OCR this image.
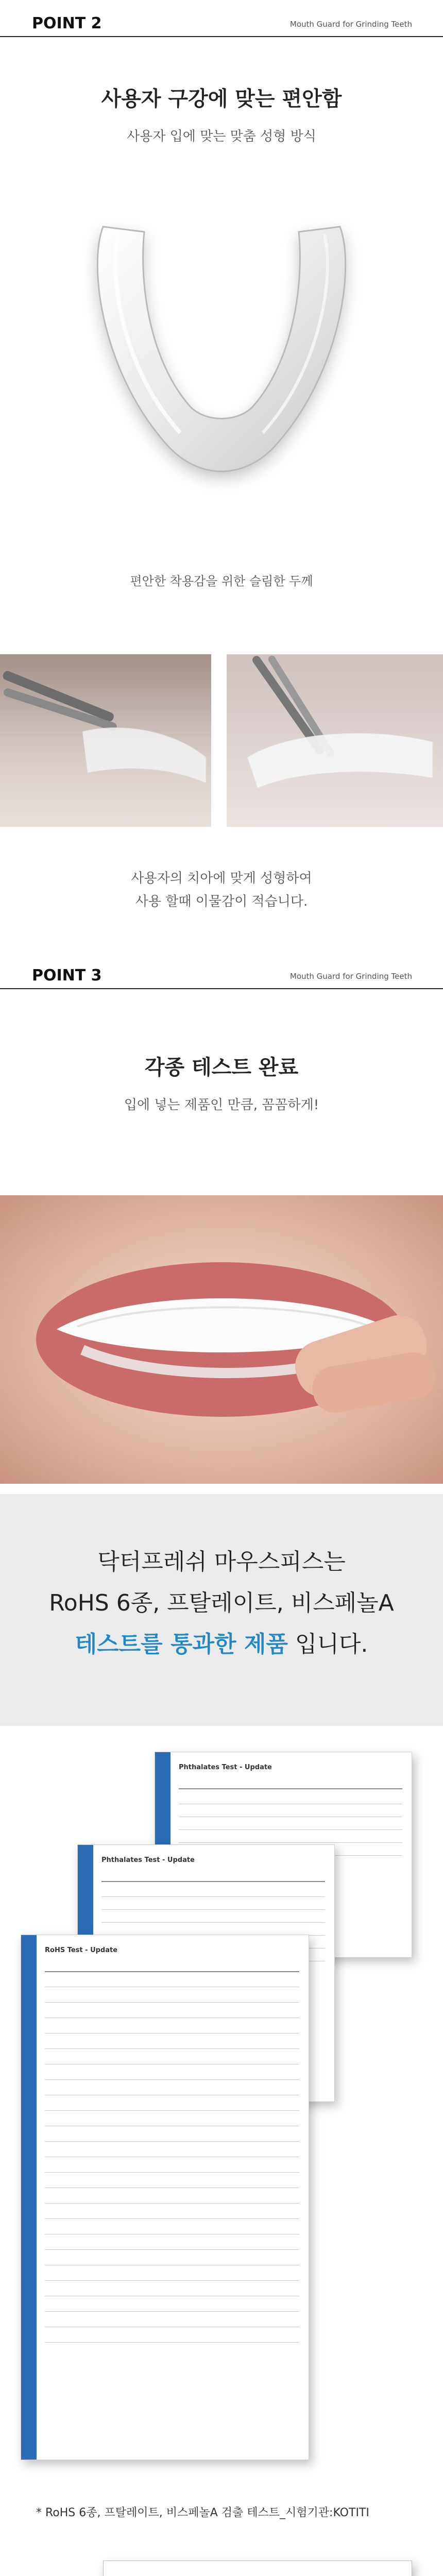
POINT 2	Mouth Guard for Grinding Teeth
사용자 구강에 맞는 편안함
사용자 입에 맞는 맞춤 성형 방식
편안한 착용감을 위한 슬림한 두께
사용자의 치아에 맞게 성형하여
사용 할때 이물감이 적습니다.
POINT 3	Mouth Guard for Grinding Teeth
각종 테스트 완료
입에 넣는 제품인 만큼, 꼼꼼하게!
닥터프레쉬 마우스피스는
RoHS 6종, 프탈레이트, 비스페놀A
테스트를 통과한 제품 입니다.
Phthalates Test - Update
Phthalates Test - Update
RoHS Test - Update
* RoHS 6종, 프탈레이트, 비스페놀A 검출 테스트_시험기관:KOTITI
